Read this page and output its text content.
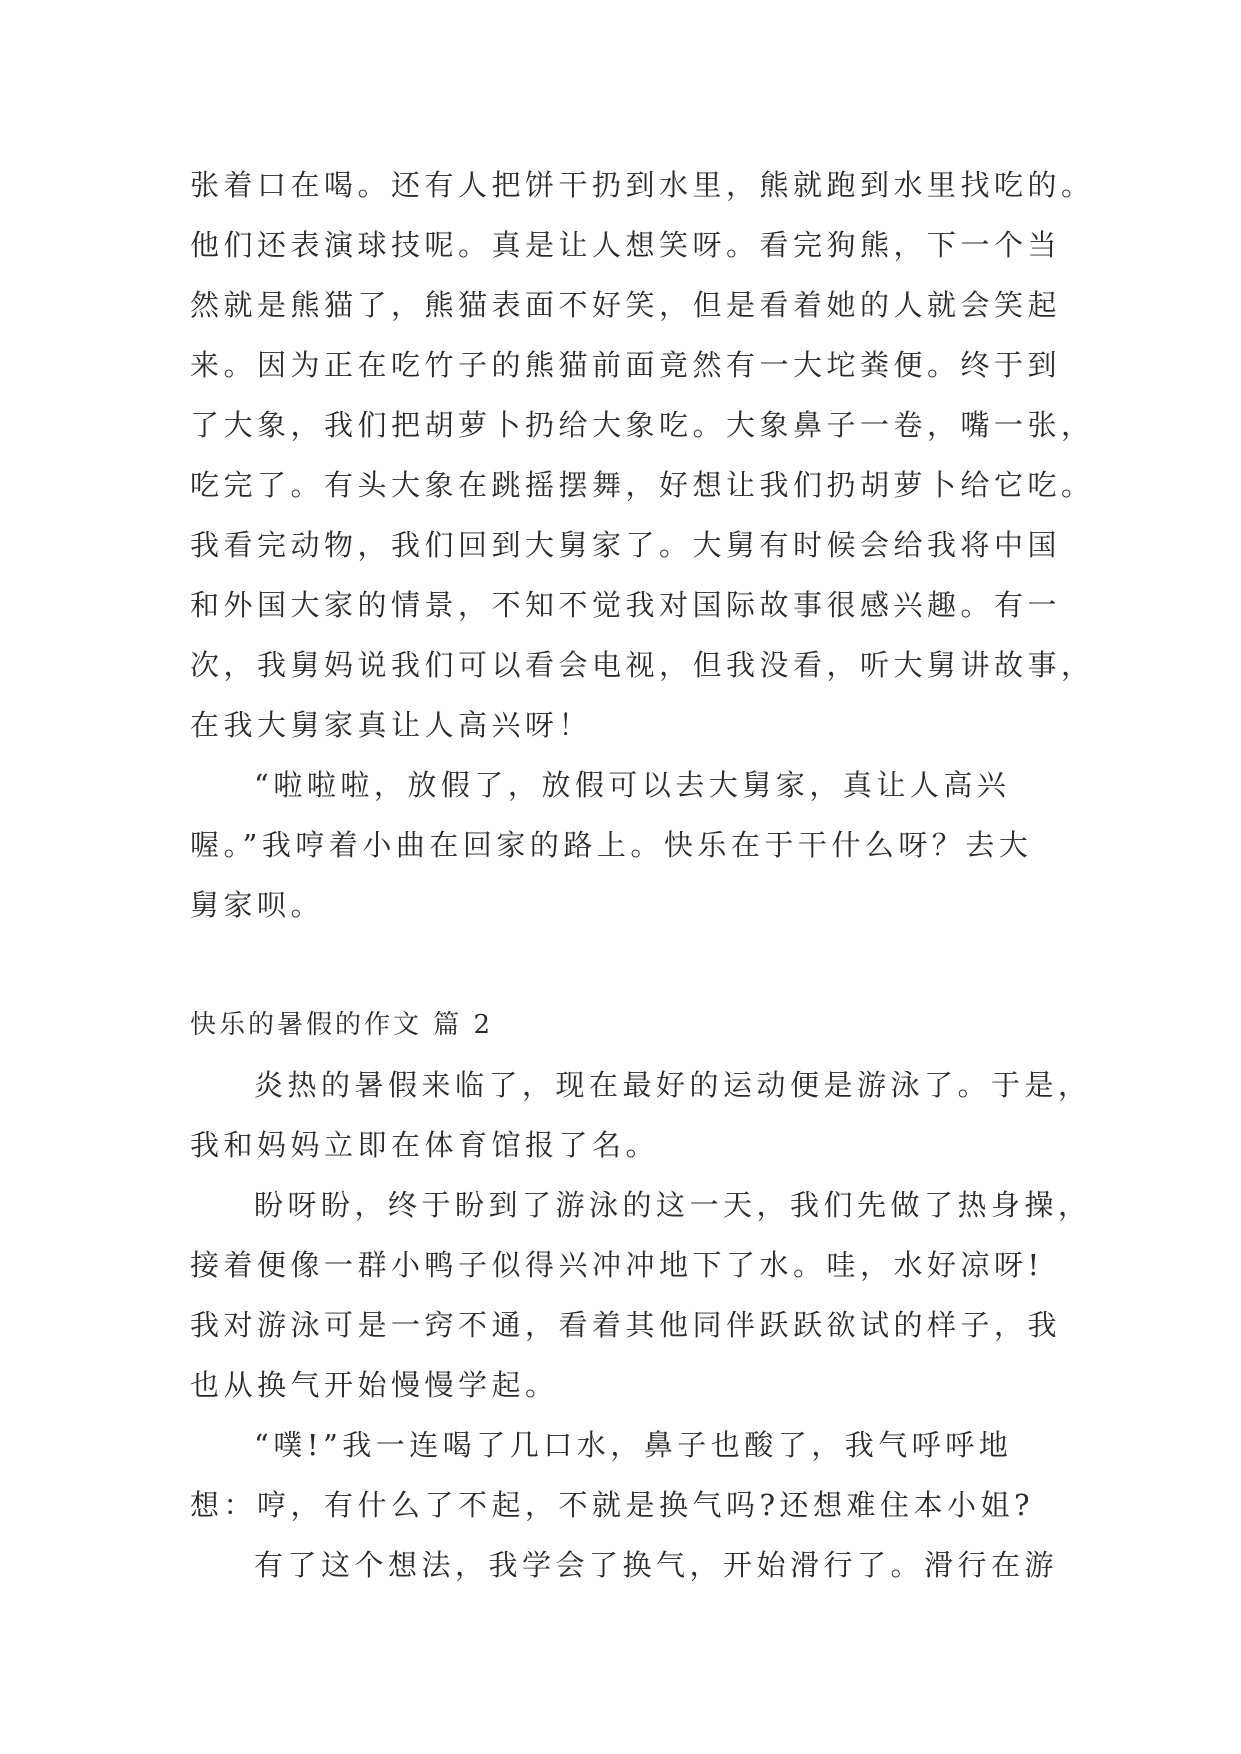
张着口在喝。还有人把饼干扔到水里，熊就跑到水里找吃的。
他们还表演球技呢。真是让人想笑呀。看完狗熊，下一个当
然就是熊猫了，熊猫表面不好笑，但是看着她的人就会笑起
来。因为正在吃竹子的熊猫前面竟然有一大坨粪便。终于到
了大象，我们把胡萝卜扔给大象吃。大象鼻子一卷，嘴一张，
吃完了。有头大象在跳摇摆舞，好想让我们扔胡萝卜给它吃。
我看完动物，我们回到大舅家了。大舅有时候会给我将中国
和外国大家的情景，不知不觉我对国际故事很感兴趣。有一
次，我舅妈说我们可以看会电视，但我没看，听大舅讲故事，
在我大舅家真让人高兴呀！
“啦啦啦，放假了，放假可以去大舅家，真让人高兴
喔。”我哼着小曲在回家的路上。快乐在于干什么呀？去大
舅家呗。
快乐的暑假的作文 篇 2
炎热的暑假来临了，现在最好的运动便是游泳了。于是，
我和妈妈立即在体育馆报了名。
盼呀盼，终于盼到了游泳的这一天，我们先做了热身操，
接着便像一群小鸭子似得兴冲冲地下了水。哇，水好凉呀!
我对游泳可是一窍不通，看着其他同伴跃跃欲试的样子，我
也从换气开始慢慢学起。
“噗!”我一连喝了几口水，鼻子也酸了，我气呼呼地
想：哼，有什么了不起，不就是换气吗?还想难住本小姐?
有了这个想法，我学会了换气，开始滑行了。滑行在游
